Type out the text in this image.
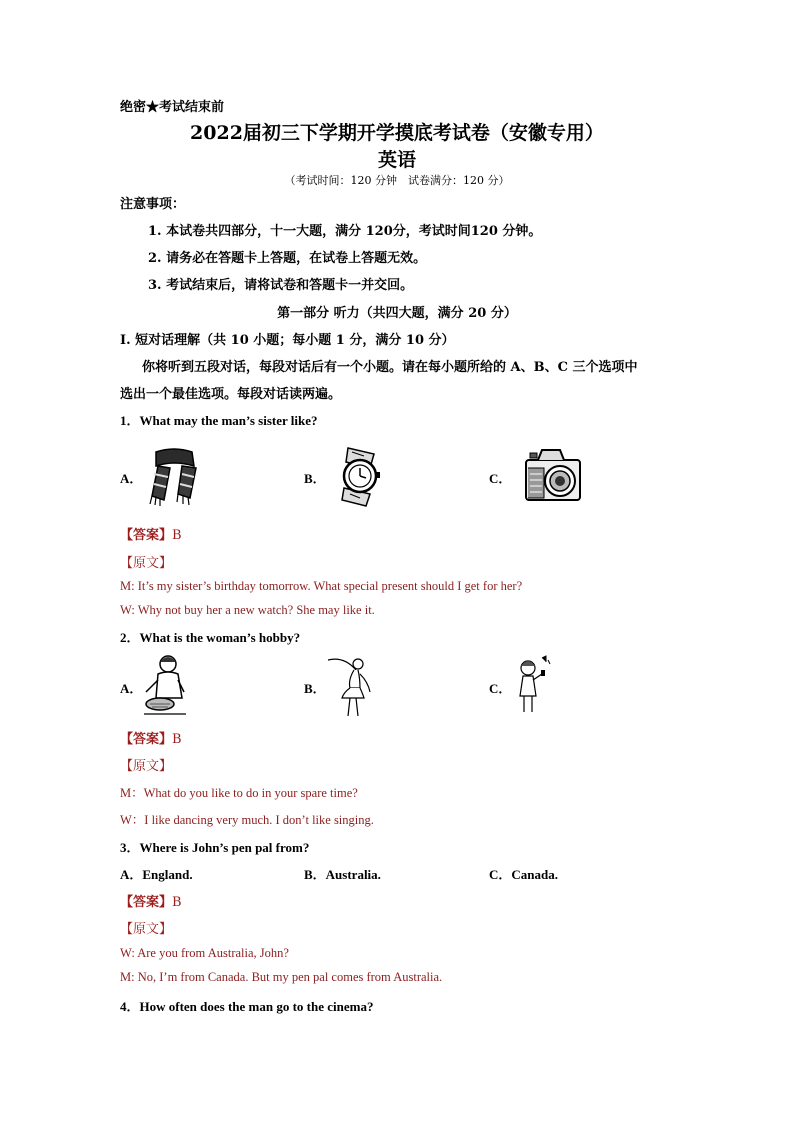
绝密★考试结束前
2022届初三下学期开学摸底考试卷（安徽专用）
英语
（考试时间：120 分钟　试卷满分：120 分）
注意事项：
1. 本试卷共四部分，十一大题，满分 120分，考试时间120 分钟。
2. 请务必在答题卡上答题，在试卷上答题无效。
3. 考试结束后，请将试卷和答题卡一并交回。
第一部分 听力（共四大题，满分 20 分）
I. 短对话理解（共 10 小题；每小题 1 分，满分 10 分）
你将听到五段对话，每段对话后有一个小题。请在每小题所给的 A、B、C 三个选项中
选出一个最佳选项。每段对话读两遍。
1．What may the man’s sister like?
A．	B．	C．
【答案】B
【原文】
M: It’s my sister’s birthday tomorrow. What special present should I get for her?
W: Why not buy her a new watch? She may like it.
2．What is the woman’s hobby?
A．	B．	C．
【答案】B
【原文】
M：What do you like to do in your spare time?
W：I like dancing very much. I don’t like singing.
3．Where is John’s pen pal from?
A．England.	B．Australia.	C．Canada.
【答案】B
【原文】
W: Are you from Australia, John?
M: No, I’m from Canada. But my pen pal comes from Australia.
4．How often does the man go to the cinema?
